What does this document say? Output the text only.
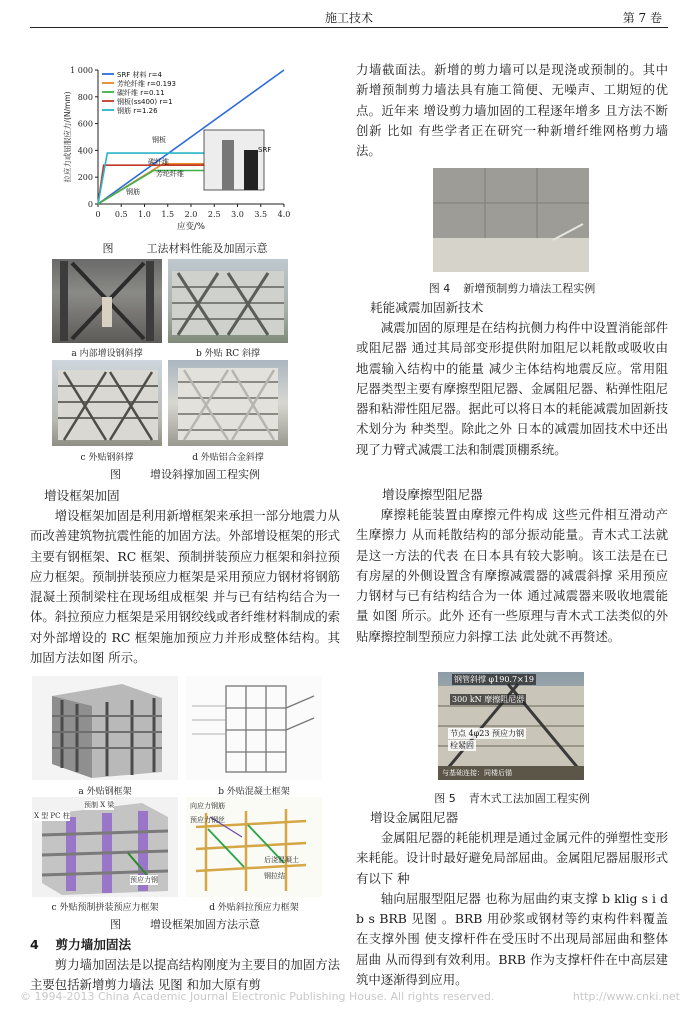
施工技术	第 7 卷
0 0.5 1.0 1.5 2.0 2.5 3.0 3.5 4.0
0
200
400
600
800
1 000
应变/%
拉应力或屈服应力/(N/mm)	SRF
钢板
碳纤维
芳纶纤维
钢筋
SRF 材料 r=4
芳纶纤维 r=0.193
碳纤维 r=0.11
钢板(ss400) r=1
钢筋 r=1.26
图	工法材料性能及加固示意
a 内部增设钢斜撑	b 外贴 RC 斜撑
c 外贴钢斜撑	d 外贴铝合金斜撑
图	增设斜撑加固工程实例

增设框架加固

增设框架加固是利用新增框架来承担一部分地震力从而改善建筑物抗震性能的加固方法。外部增设框架的形式主要有钢框架、RC 框架、预制拼装预应力框架和斜拉预应力框架。预制拼装预应力框架是采用预应力钢材将钢筋混凝土预制梁柱在现场组成框架 并与已有结构结合为一体。斜拉预应力框架是采用钢绞线或者纤维材料制成的索 对外部增设的 RC 框架施加预应力并形成整体结构。其加固方法如图 所示。

a 外贴钢框架	b 外贴混凝土框架
预制 X 梁
X 型 PC 柱
预应力钢
向应力钢筋
预应力钢丝
后浇混凝土
钢拉结
c 外贴预制拼装预应力框架	d 外贴斜拉预应力框架
图	增设框架加固方法示意

4 剪力墙加固法

剪力墙加固法是以提高结构刚度为主要目的加固方法 主要包括新增剪力墙法 见图 和加大原有剪

力墙截面法。新增的剪力墙可以是现浇或预制的。其中 新增预制剪力墙法具有施工简便、无噪声、工期短的优点。近年来 增设剪力墙加固的工程逐年增多 且方法不断创新 比如 有些学者正在研究一种新增纤维网格剪力墙法。

图 4 新增预制剪力墙法工程实例

耗能减震加固新技术

减震加固的原理是在结构抗侧力构件中设置消能部件或阻尼器 通过其局部变形提供附加阻尼以耗散或吸收由地震输入结构中的能量 减少主体结构地震反应。常用阻尼器类型主要有摩擦型阻尼器、金属阻尼器、粘弹性阻尼器和粘滞性阻尼器。据此可以将日本的耗能减震加固新技术划分为 种类型。除此之外 日本的减震加固技术中还出现了力臂式减震工法和制震顶棚系统。

增设摩擦型阻尼器

摩擦耗能装置由摩擦元件构成 这些元件相互滑动产生摩擦力 从而耗散结构的部分振动能量。青木式工法就是这一方法的代表 在日本具有较大影响。该工法是在已有房屋的外侧设置含有摩擦减震器的减震斜撑 采用预应力钢材与已有结构结合为一体 通过减震器来吸收地震能量 如图 所示。此外 还有一些原理与青木式工法类似的外贴摩擦控制型预应力斜撑工法 此处就不再赘述。

钢管斜撑 φ190.7×19
300 kN 摩擦阻尼器
节点 4φ23 预应力钢
栓紧固
与基础连接：同楼后锚
图 5 青木式工法加固工程实例

增设金属阻尼器

金属阻尼器的耗能机理是通过金属元件的弹塑性变形来耗能。设计时最好避免局部屈曲。金属阻尼器屈服形式有以下 种

轴向屈服型阻尼器 也称为屈曲约束支撑 b klig s i d b s BRB 见图 。BRB 用砂浆或钢材等约束构件料覆盖在支撑外围 使支撑杆件在受压时不出现局部屈曲和整体屈曲 从而得到有效利用。BRB 作为支撑杆件在中高层建筑中逐渐得到应用。

© 1994-2013 China Academic Journal Electronic Publishing House. All rights reserved.	http://www.cnki.net
